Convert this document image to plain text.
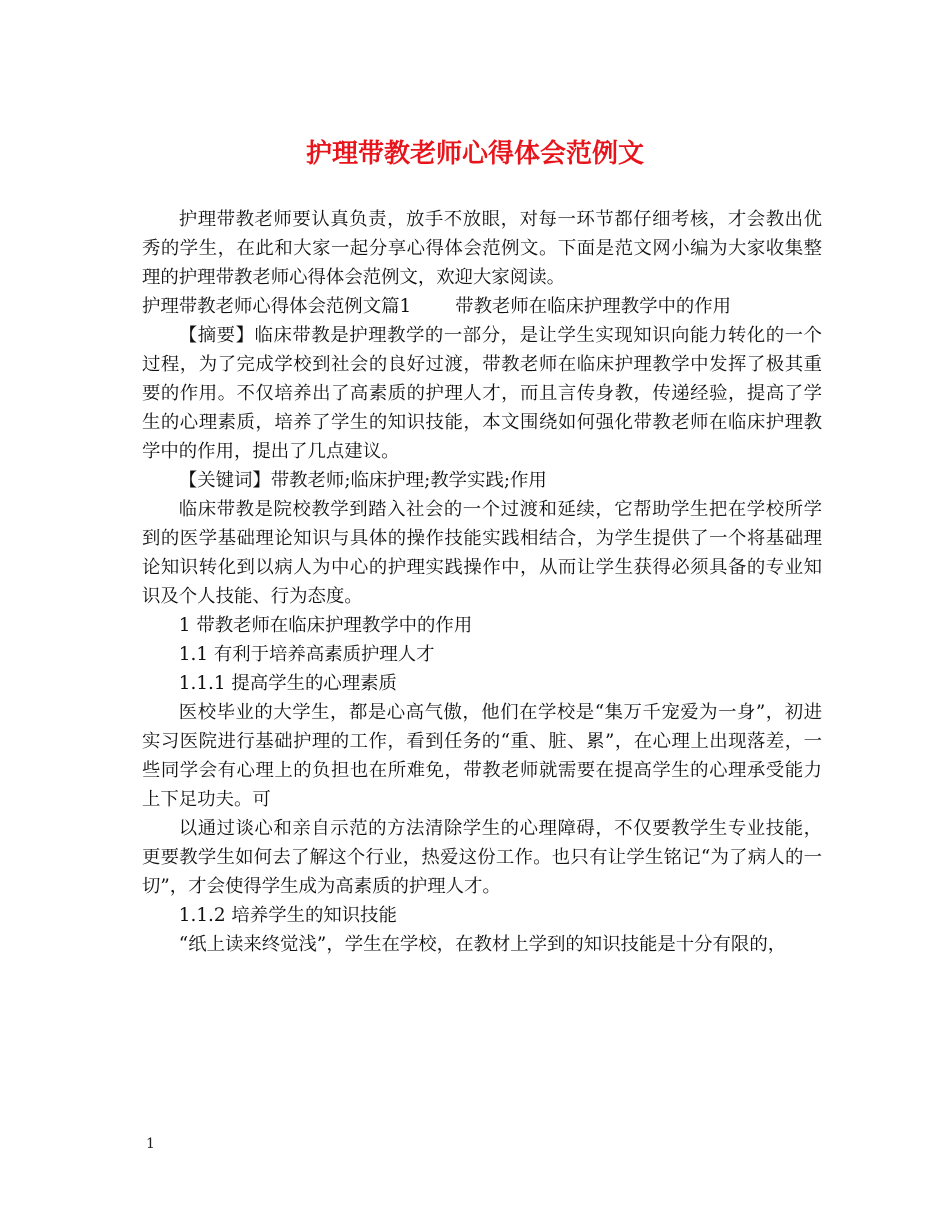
护理带教老师心得体会范例文

护理带教老师要认真负责，放手不放眼，对每一环节都仔细考核，才会教出优秀的学生，在此和大家一起分享心得体会范例文。下面是范文网小编为大家收集整理的护理带教老师心得体会范例文，欢迎大家阅读。

护理带教老师心得体会范例文篇1 带教老师在临床护理教学中的作用

【摘要】临床带教是护理教学的一部分，是让学生实现知识向能力转化的一个过程，为了完成学校到社会的良好过渡，带教老师在临床护理教学中发挥了极其重要的作用。不仅培养出了高素质的护理人才，而且言传身教，传递经验，提高了学生的心理素质，培养了学生的知识技能，本文围绕如何强化带教老师在临床护理教学中的作用，提出了几点建议。

【关键词】带教老师;临床护理;教学实践;作用

临床带教是院校教学到踏入社会的一个过渡和延续，它帮助学生把在学校所学到的医学基础理论知识与具体的操作技能实践相结合，为学生提供了一个将基础理论知识转化到以病人为中心的护理实践操作中，从而让学生获得必须具备的专业知识及个人技能、行为态度。

1 带教老师在临床护理教学中的作用

1.1 有利于培养高素质护理人才

1.1.1 提高学生的心理素质

医校毕业的大学生，都是心高气傲，他们在学校是“集万千宠爱为一身”，初进实习医院进行基础护理的工作，看到任务的“重、脏、累”，在心理上出现落差，一些同学会有心理上的负担也在所难免，带教老师就需要在提高学生的心理承受能力上下足功夫。可

以通过谈心和亲自示范的方法清除学生的心理障碍，不仅要教学生专业技能，更要教学生如何去了解这个行业，热爱这份工作。也只有让学生铭记“为了病人的一切”，才会使得学生成为高素质的护理人才。

1.1.2 培养学生的知识技能

“纸上读来终觉浅”，学生在学校，在教材上学到的知识技能是十分有限的，

1
